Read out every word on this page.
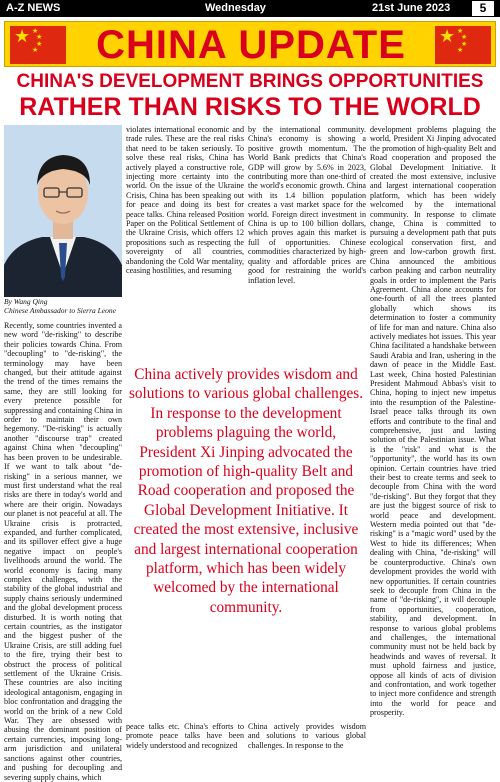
A-Z NEWS	Wednesday	21st June 2023	5
★ ★
★
★
★	CHINA UPDATE	★ ★
★
★
★
CHINA'S DEVELOPMENT BRINGS OPPORTUNITIES
RATHER THAN RISKS TO THE WORLD
By Wang Qing
Chinese Ambassador to Sierra Leone

Recently, some countries invented a new word "de-risking" to describe their policies towards China. From "decoupling" to "de-risking", the terminology may have been changed, but their attitude against the trend of the times remains the same, they are still looking for every pretence possible for suppressing and containing China in order to maintain their own hegemony. "De-risking" is actually another "discourse trap" created against China when "decoupling" has been proven to be undesirable. If we want to talk about "de-risking" in a serious manner, we must first understand what the real risks are there in today's world and where are their origin. Nowadays our planet is not peaceful at all. The Ukraine crisis is protracted, expanded, and further complicated, and its spillover effect give a huge negative impact on people's livelihoods around the world. The world economy is facing many complex challenges, with the stability of the global industrial and supply chains seriously undermined and the global development process disturbed. It is worth noting that certain countries, as the instigator and the biggest pusher of the Ukraine Crisis, are still adding fuel to the fire, trying their best to obstruct the process of political settlement of the Ukraine Crisis. These countries are also inciting ideological antagonism, engaging in bloc confrontation and dragging the world on the brink of a new Cold War. They are obsessed with abusing the dominant position of certain currencies, imposing long-arm jurisdiction and unilateral sanctions against other countries, and pushing for decoupling and severing supply chains, which

violates international economic and trade rules. These are the real risks that need to be taken seriously. To solve these real risks, China has actively played a constructive role, injecting more certainty into the world. On the issue of the Ukraine Crisis, China has been speaking out for peace and doing its best for peace talks. China released Position Paper on the Political Settlement of the Ukraine Crisis, which offers 12 propositions such as respecting the sovereignty of all countries, abandoning the Cold War mentality, ceasing hostilities, and resuming

by the international community. China's economy is showing a positive growth momentum. The World Bank predicts that China's GDP will grow by 5.6% in 2023, contributing more than one-third of the world's economic growth. China with its 1.4 billion population creates a vast market space for the world. Foreign direct investment in China is up to 100 billion dollars, which proves again this market is full of opportunities. Chinese commodities characterized by high-quality and affordable prices are good for restraining the world's inflation level.

China actively provides wisdom and solutions to various global challenges. In response to the development problems plaguing the world, President Xi Jinping advocated the promotion of high-quality Belt and Road cooperation and proposed the Global Development Initiative. It created the most extensive, inclusive and largest international cooperation platform, which has been widely welcomed by the international community.

peace talks etc. China's efforts to promote peace talks have been widely understood and recognized

China actively provides wisdom and solutions to various global challenges. In response to the

development problems plaguing the world, President Xi Jinping advocated the promotion of high-quality Belt and Road cooperation and proposed the Global Development Initiative. It created the most extensive, inclusive and largest international cooperation platform, which has been widely welcomed by the international community. In response to climate change, China is committed to pursuing a development path that puts ecological conservation first, and green and low-carbon growth first. China announced the ambitious carbon peaking and carbon neutrality goals in order to implement the Paris Agreement. China alone accounts for one-fourth of all the trees planted globally which shows its determination to foster a community of life for man and nature. China also actively mediates hot issues. This year China facilitated a handshake between Saudi Arabia and Iran, ushering in the dawn of peace in the Middle East. Last week, China hosted Palestinian President Mahmoud Abbas's visit to China, hoping to inject new impetus into the resumption of the Palestine-Israel peace talks through its own efforts and contribute to the final and comprehensive, just and lasting solution of the Palestinian issue. What is the "risk" and what is the "opportunity", the world has its own opinion. Certain countries have tried their best to create terms and seek to decouple from China with the word "de-risking". But they forgot that they are just the biggest source of risk to world peace and development. Western media pointed out that "de-risking" is a "magic word" used by the West to hide its differences; When dealing with China, "de-risking" will be counterproductive. China's own development provides the world with new opportunities. If certain countries seek to decouple from China in the name of "de-risking", it will decouple from opportunities, cooperation, stability, and development. In response to various global problems and challenges, the international community must not be held back by headwinds and waves of reversal. It must uphold fairness and justice, oppose all kinds of acts of division and confrontation, and work together to inject more confidence and strength into the world for peace and prosperity.
